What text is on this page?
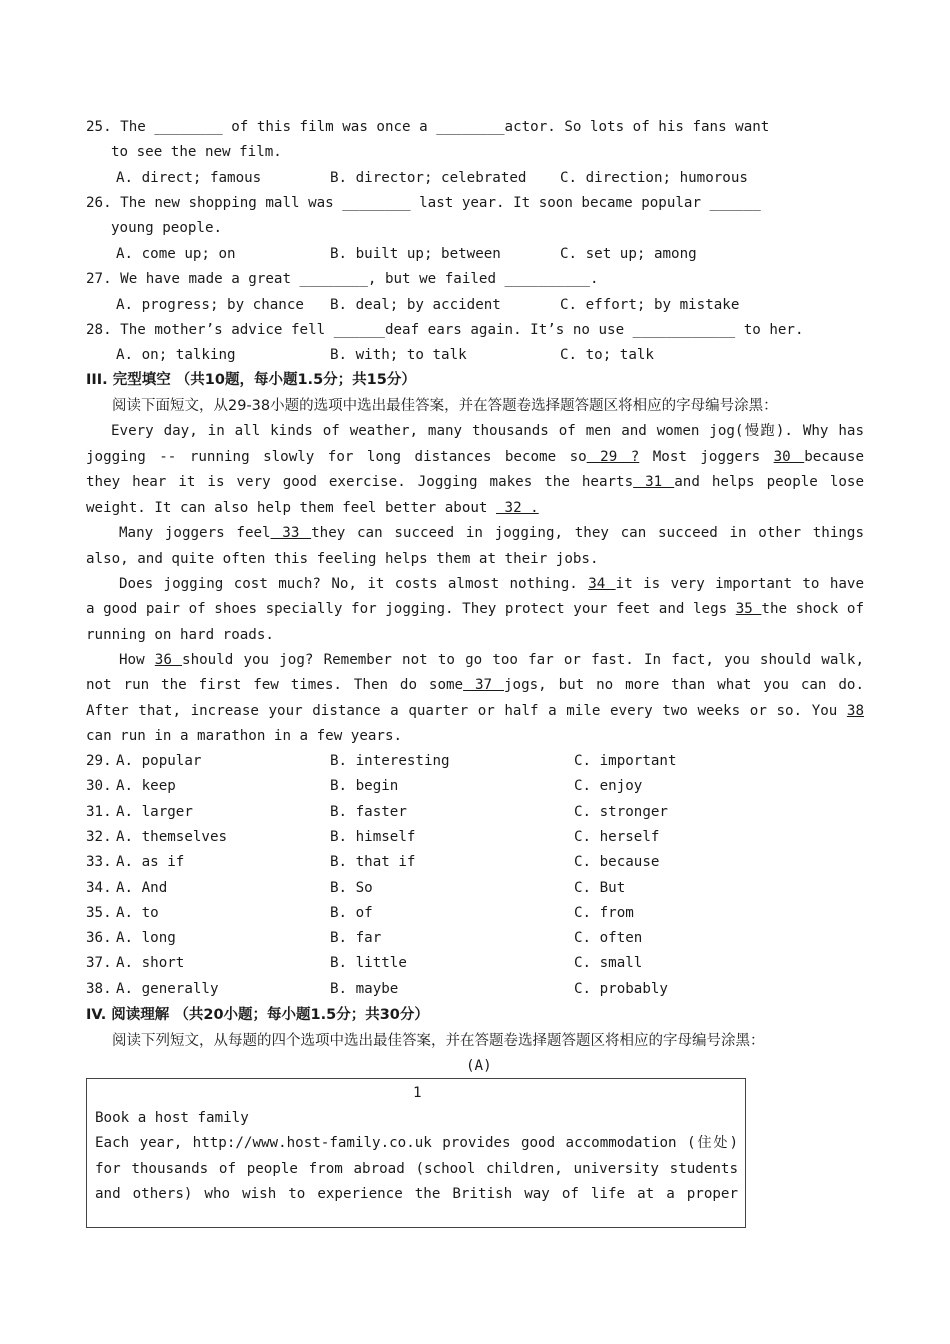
25. The ________ of this film was once a ________actor. So lots of his fans want
to see the new film.
A. direct; famous	B. director; celebrated C. direction; humorous
26. The new shopping mall was ________ last year. It soon became popular ______
young people.
A. come up; on	B. built up; between	C. set up; among
27. We have made a great ________, but we failed __________.
A. progress; by chance B. deal; by accident	C. effort; by mistake
28. The mother’s advice fell ______deaf ears again. It’s no use ____________ to her.
A. on; talking	B. with; to talk	C. to; talk
III. 完型填空 （共10题，每小题1.5分；共15分）
阅读下面短文，从29-38小题的选项中选出最佳答案，并在答题卷选择题答题区将相应的字母编号涂黑：
Every day, in all kinds of weather, many thousands of men and women jog(慢跑). Why has
jogging -- running slowly for long distances become so 29 ? Most joggers 30 because
they hear it is very good exercise. Jogging makes the hearts 31 and helps people lose
weight. It can also help them feel better about  32 .
Many joggers feel 33 they can succeed in jogging, they can succeed in other things
also, and quite often this feeling helps them at their jobs.
Does jogging cost much? No, it costs almost nothing. 34 it is very important to have
a good pair of shoes specially for jogging. They protect your feet and legs 35 the shock of
running on hard roads.
How 36 should you jog? Remember not to go too far or fast. In fact, you should walk,
not run the first few times. Then do some 37 jogs, but no more than what you can do.
After that, increase your distance a quarter or half a mile every two weeks or so. You 38
can run in a marathon in a few years.
29. A. popular	B. interesting	C. important
30. A. keep	B. begin	C. enjoy
31. A. larger	B. faster	C. stronger
32. A. themselves	B. himself	C. herself
33. A. as if	B. that if	C. because
34. A. And	B. So	C. But
35. A. to	B. of	C. from
36. A. long	B. far	C. often
37. A. short	B. little	C. small
38. A. generally	B. maybe	C. probably
IV. 阅读理解 （共20小题；每小题1.5分；共30分）
阅读下列短文，从每题的四个选项中选出最佳答案，并在答题卷选择题答题区将相应的字母编号涂黑：
(A)
1
Book a host family
Each year, http://www.host-family.co.uk provides good accommodation (住处)
for thousands of people from abroad (school children, university students
and others) who wish to experience the British way of life at a proper
